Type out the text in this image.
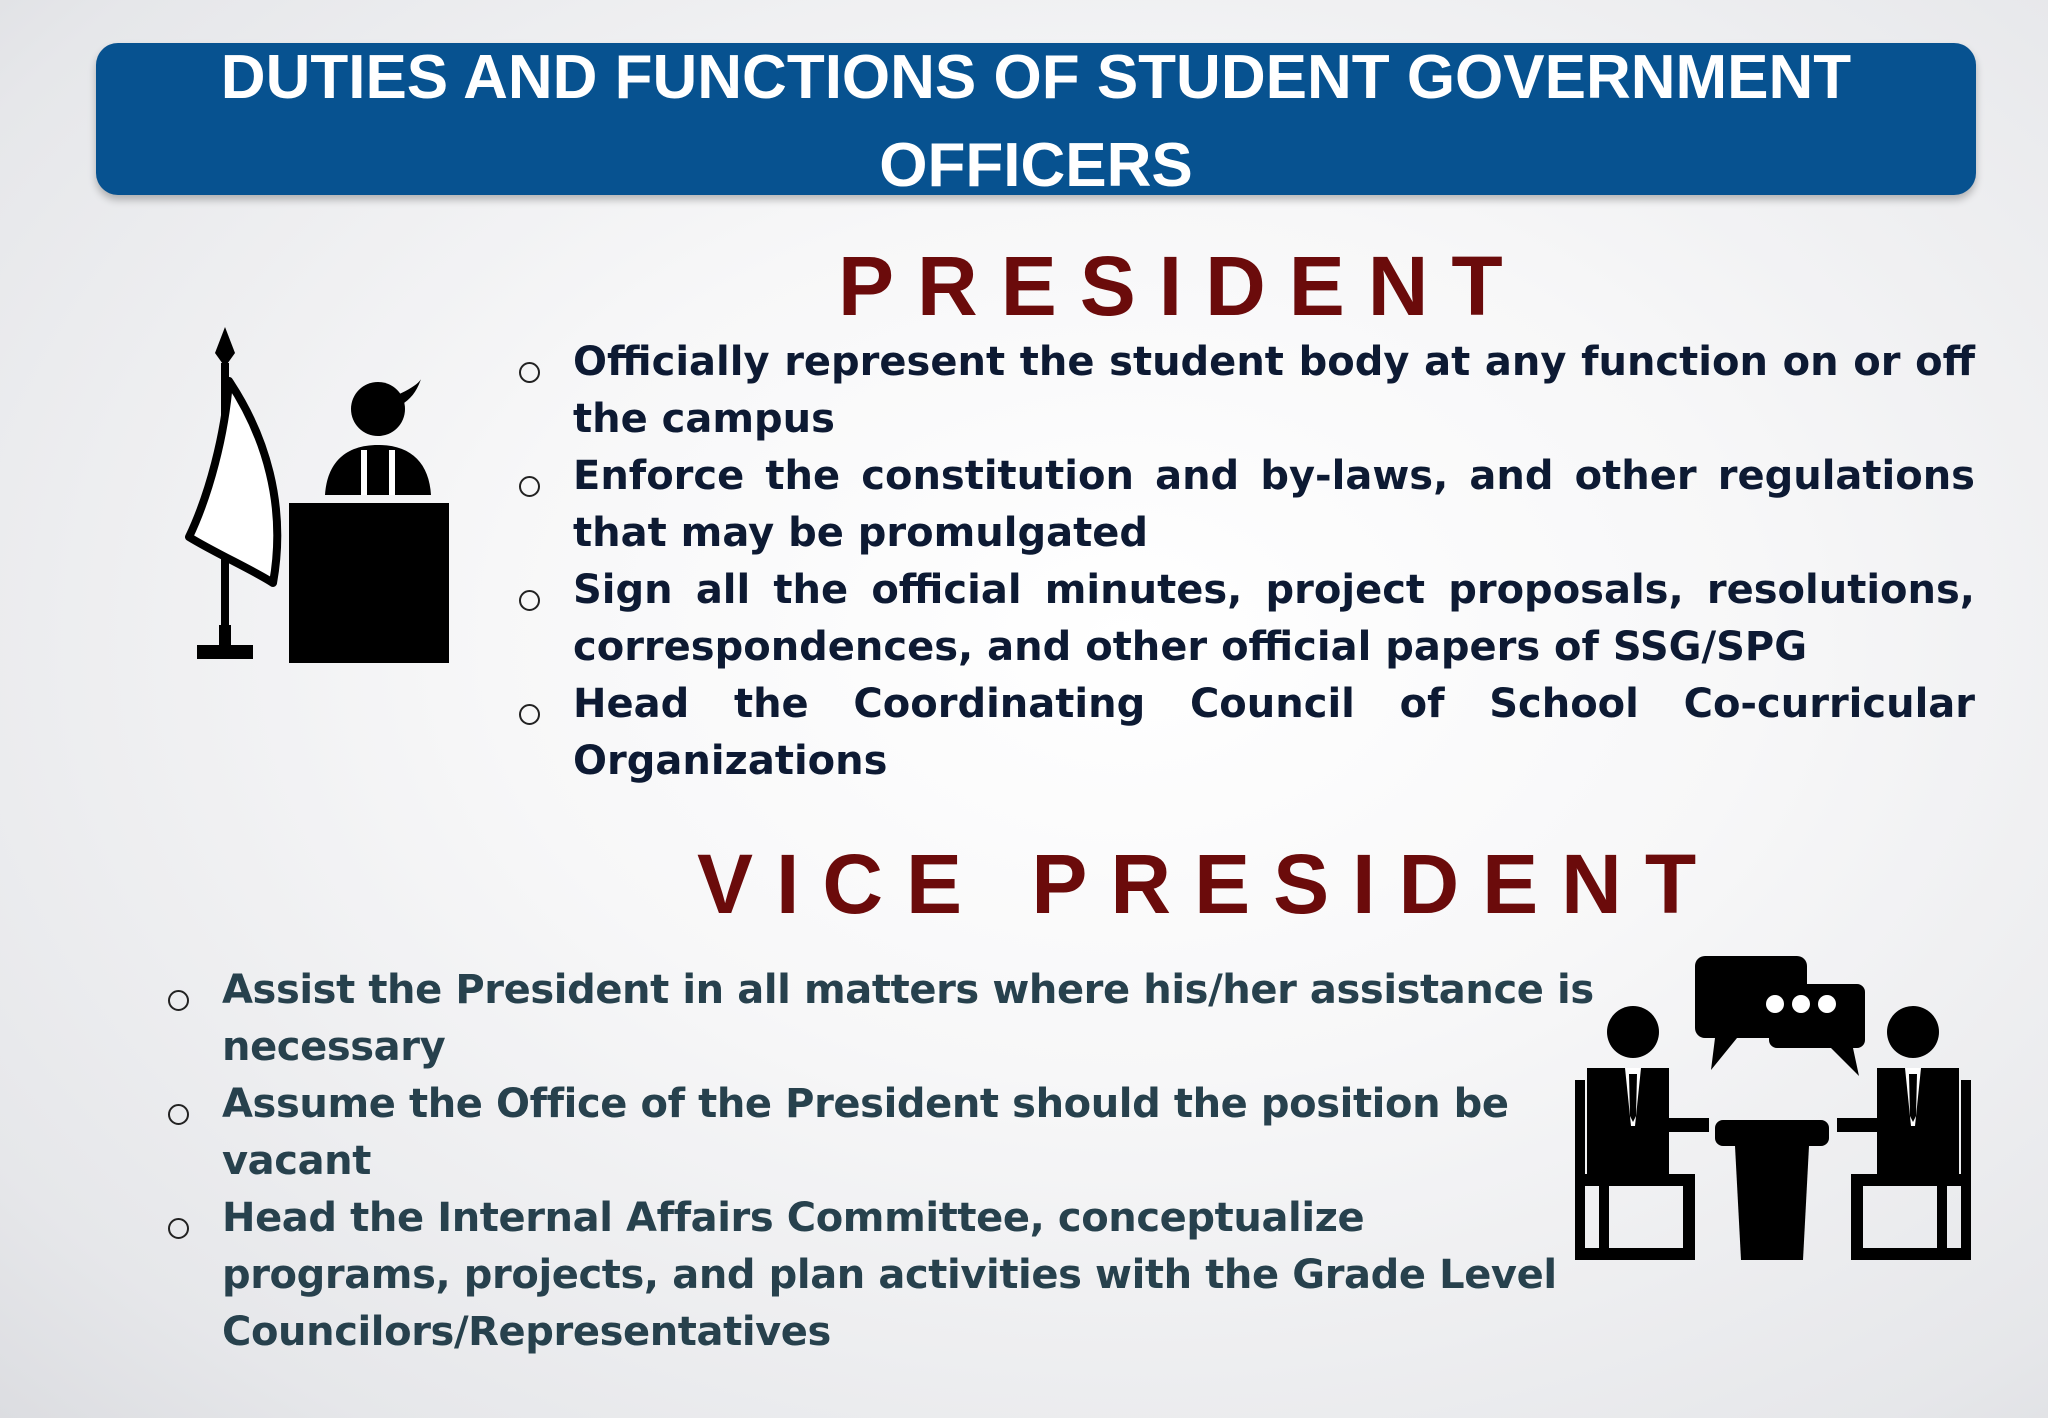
DUTIES AND FUNCTIONS OF STUDENT GOVERNMENT OFFICERS
PRESIDENT
Officially represent the student body at any function on or off the campus
Enforce the constitution and by-laws, and other regulations that may be promulgated
Sign all the official minutes, project proposals, resolutions, correspondences, and other official papers of SSG/SPG
Head the Coordinating Council of School Co-curricular Organizations
VICE PRESIDENT
Assist the President in all matters where his/her assistance is necessary
Assume the Office of the President should the position be vacant
Head the Internal Affairs Committee, conceptualize programs, projects, and plan activities with the Grade Level Councilors/Representatives
